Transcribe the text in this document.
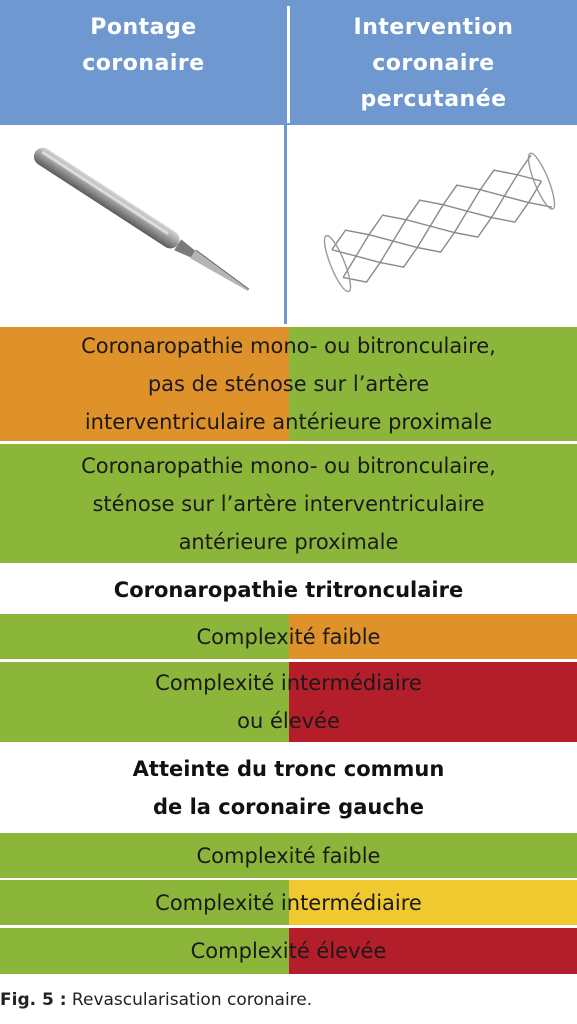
Pontage
coronaire
Intervention
coronaire
percutanée
Coronaropathie mono- ou bitronculaire,
pas de sténose sur l’artère
interventriculaire antérieure proximale
Coronaropathie mono- ou bitronculaire,
sténose sur l’artère interventriculaire
antérieure proximale
Coronaropathie tritronculaire
Complexité faible
Complexité intermédiaire
ou élevée
Atteinte du tronc commun
de la coronaire gauche
Complexité faible
Complexité intermédiaire
Complexité élevée
Fig. 5 : Revascularisation coronaire.
